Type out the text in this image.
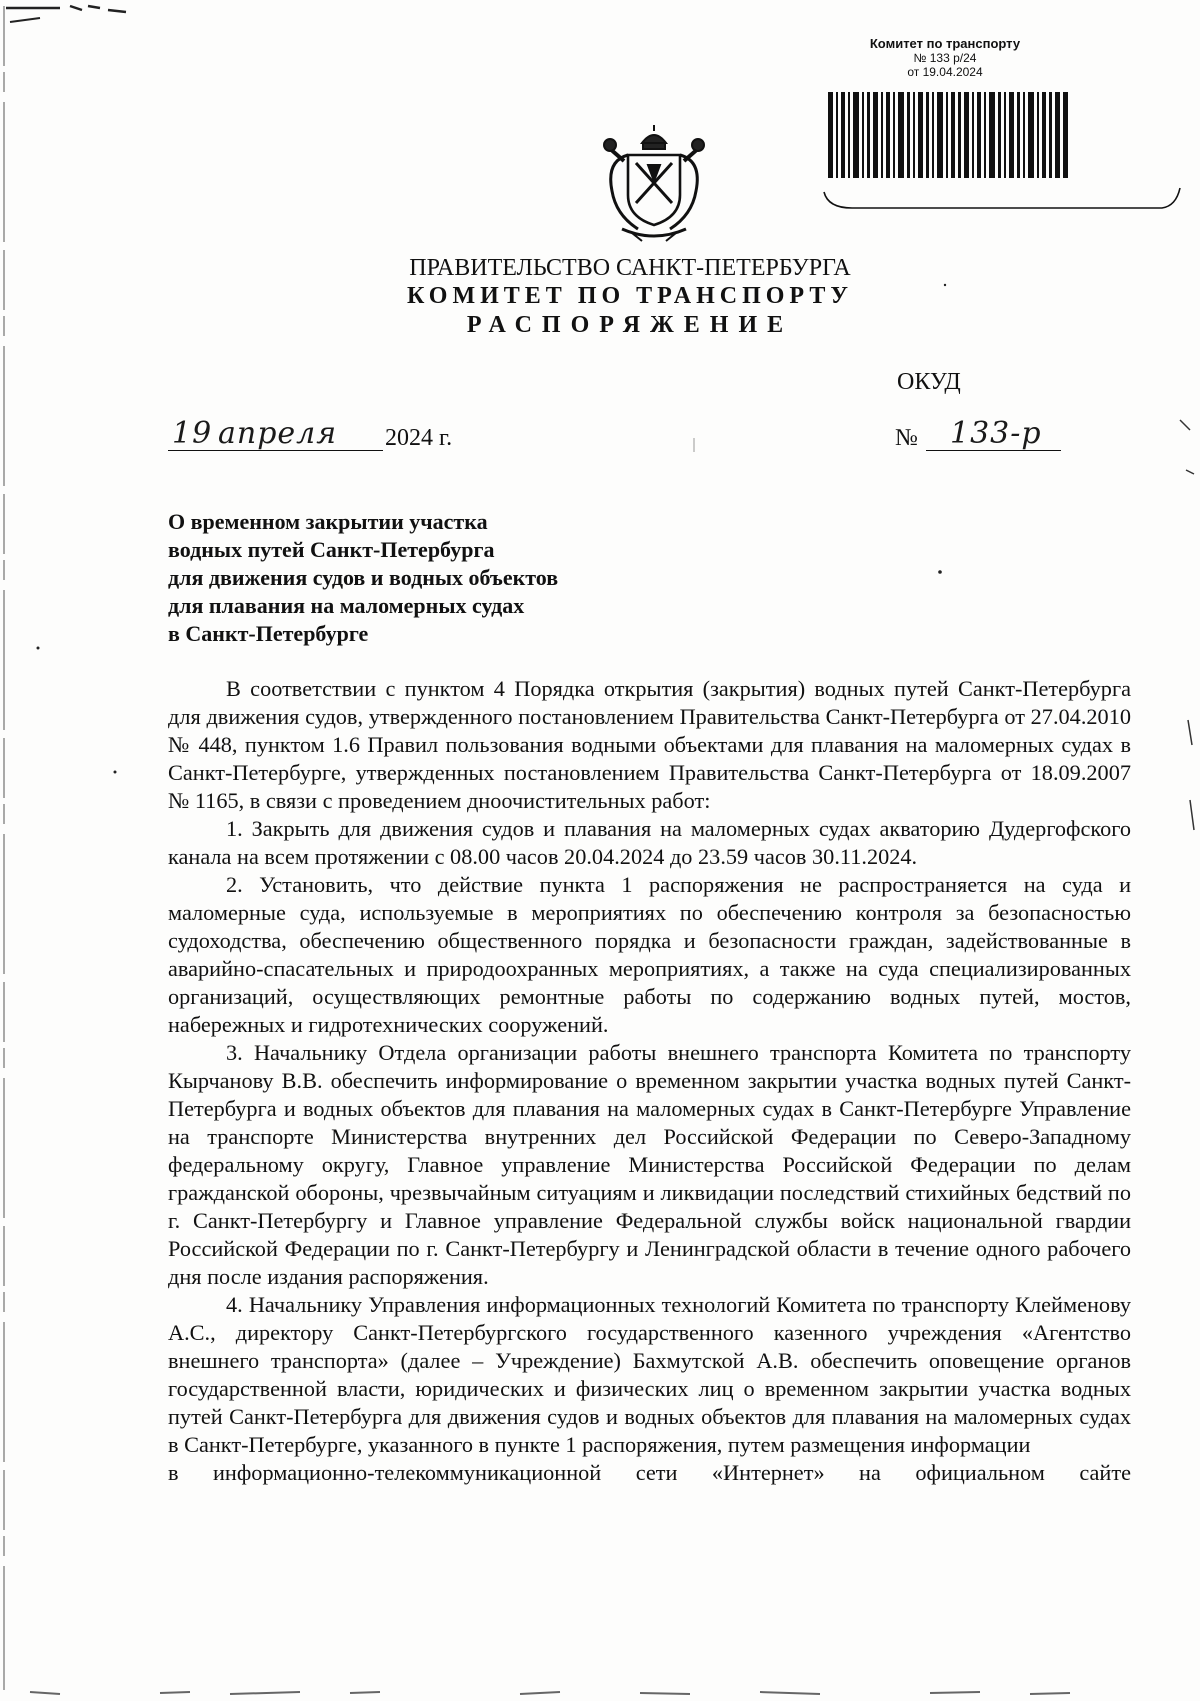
Комитет по транспорту
№ 133 р/24
от 19.04.2024
ПРАВИТЕЛЬСТВО САНКТ-ПЕТЕРБУРГА
КОМИТЕТ ПО ТРАНСПОРТУ
РАСПОРЯЖЕНИЕ
ОКУД
19 апреля 2024 г.	№ 133-р
О временном закрытии участка
водных путей Санкт-Петербурга
для движения судов и водных объектов
для плавания на маломерных судах
в Санкт-Петербурге

В соответствии с пунктом 4 Порядка открытия (закрытия) водных путей Санкт-Петербурга для движения судов, утвержденного постановлением Правительства Санкт-Петербурга от 27.04.2010 № 448, пунктом 1.6 Правил пользования водными объектами для плавания на маломерных судах в Санкт-Петербурге, утвержденных постановлением Правительства Санкт-Петербурга от 18.09.2007 № 1165, в связи с проведением дноочистительных работ:

1. Закрыть для движения судов и плавания на маломерных судах акваторию Дудергофского канала на всем протяжении с 08.00 часов 20.04.2024 до 23.59 часов 30.11.2024.

2. Установить, что действие пункта 1 распоряжения не распространяется на суда и маломерные суда, используемые в мероприятиях по обеспечению контроля за безопасностью судоходства, обеспечению общественного порядка и безопасности граждан, задействованные в аварийно-спасательных и природоохранных мероприятиях, а также на суда специализированных организаций, осуществляющих ремонтные работы по содержанию водных путей, мостов, набережных и гидротехнических сооружений.

3. Начальнику Отдела организации работы внешнего транспорта Комитета по транспорту Кырчанову В.В. обеспечить информирование о временном закрытии участка водных путей Санкт-Петербурга и водных объектов для плавания на маломерных судах в Санкт-Петербурге Управление на транспорте Министерства внутренних дел Российской Федерации по Северо-Западному федеральному округу, Главное управление Министерства Российской Федерации по делам гражданской обороны, чрезвычайным ситуациям и ликвидации последствий стихийных бедствий по г. Санкт-Петербургу и Главное управление Федеральной службы войск национальной гвардии Российской Федерации по г. Санкт-Петербургу и Ленинградской области в течение одного рабочего дня после издания распоряжения.

4. Начальнику Управления информационных технологий Комитета по транспорту Клейменову А.С., директору Санкт-Петербургского государственного казенного учреждения «Агентство внешнего транспорта» (далее – Учреждение) Бахмутской А.В. обеспечить оповещение органов государственной власти, юридических и физических лиц о временном закрытии участка водных путей Санкт-Петербурга для движения судов и водных объектов для плавания на маломерных судах в Санкт-Петербурге, указанного в пункте 1 распоряжения, путем размещения информации

в информационно-телекоммуникационной сети «Интернет» на официальном сайте
